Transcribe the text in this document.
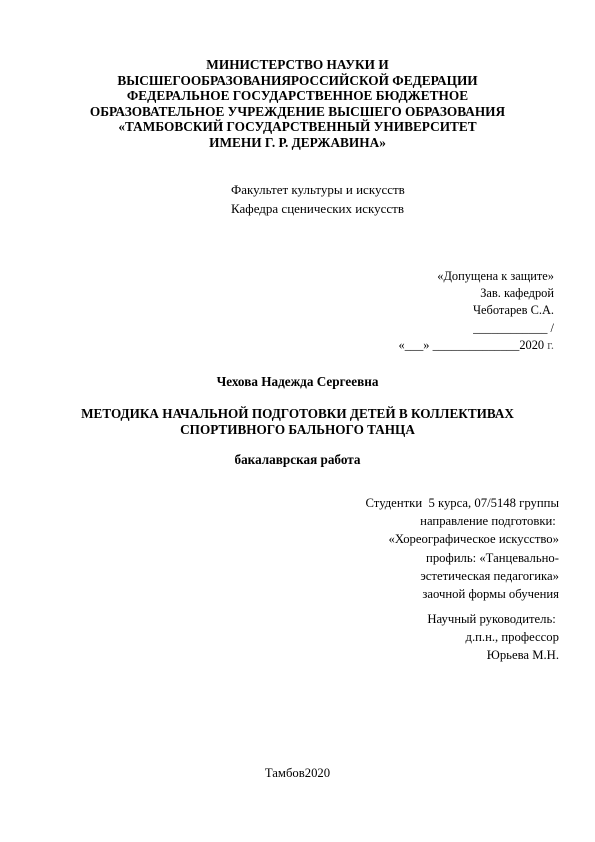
МИНИСТЕРСТВО НАУКИ И
ВЫСШЕГООБРАЗОВАНИЯРОССИЙСКОЙ ФЕДЕРАЦИИ
ФЕДЕРАЛЬНОЕ ГОСУДАРСТВЕННОЕ БЮДЖЕТНОЕ
ОБРАЗОВАТЕЛЬНОЕ УЧРЕЖДЕНИЕ ВЫСШЕГО ОБРАЗОВАНИЯ
«ТАМБОВСКИЙ ГОСУДАРСТВЕННЫЙ УНИВЕРСИТЕТ
ИМЕНИ Г. Р. ДЕРЖАВИНА»
Факультет культуры и искусств
Кафедра сценических искусств
«Допущена к защите»
Зав. кафедрой
Чеботарев С.А.
____________ /
«___» ______________2020 г.
Чехова Надежда Сергеевна
МЕТОДИКА НАЧАЛЬНОЙ ПОДГОТОВКИ ДЕТЕЙ В КОЛЛЕКТИВАХ
СПОРТИВНОГО БАЛЬНОГО ТАНЦА
бакалаврская работа
Студентки  5 курса, 07/5148 группы
направление подготовки:
«Хореографическое искусство»
профиль: «Танцевально-
эстетическая педагогика»
заочной формы обучения
Научный руководитель:
д.п.н., профессор
Юрьева М.Н.
Тамбов2020
